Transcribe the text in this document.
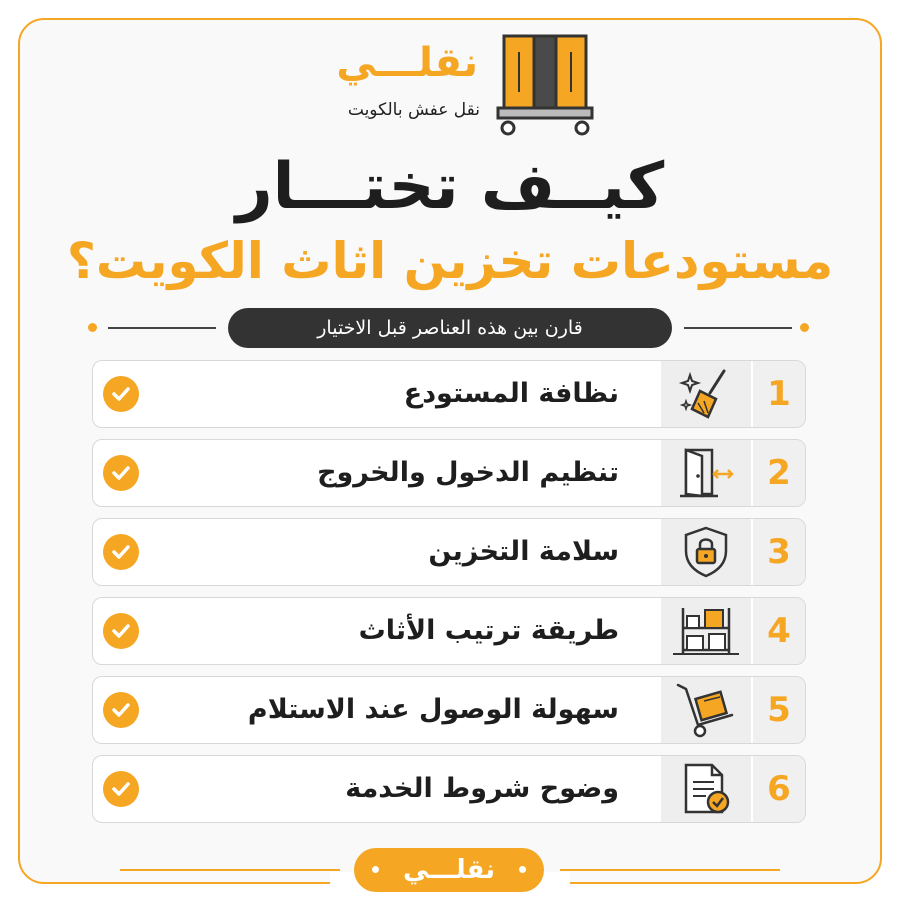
نقلـــي
نقل عفش بالكويت
كيــف تختـــار
مستودعات تخزين اثاث الكويت؟
قارن بين هذه العناصر قبل الاختيار
1
نظافة المستودع
2
تنظيم الدخول والخروج
3
سلامة التخزين
4
طريقة ترتيب الأثاث
5
سهولة الوصول عند الاستلام
6
وضوح شروط الخدمة
نقلـــي
